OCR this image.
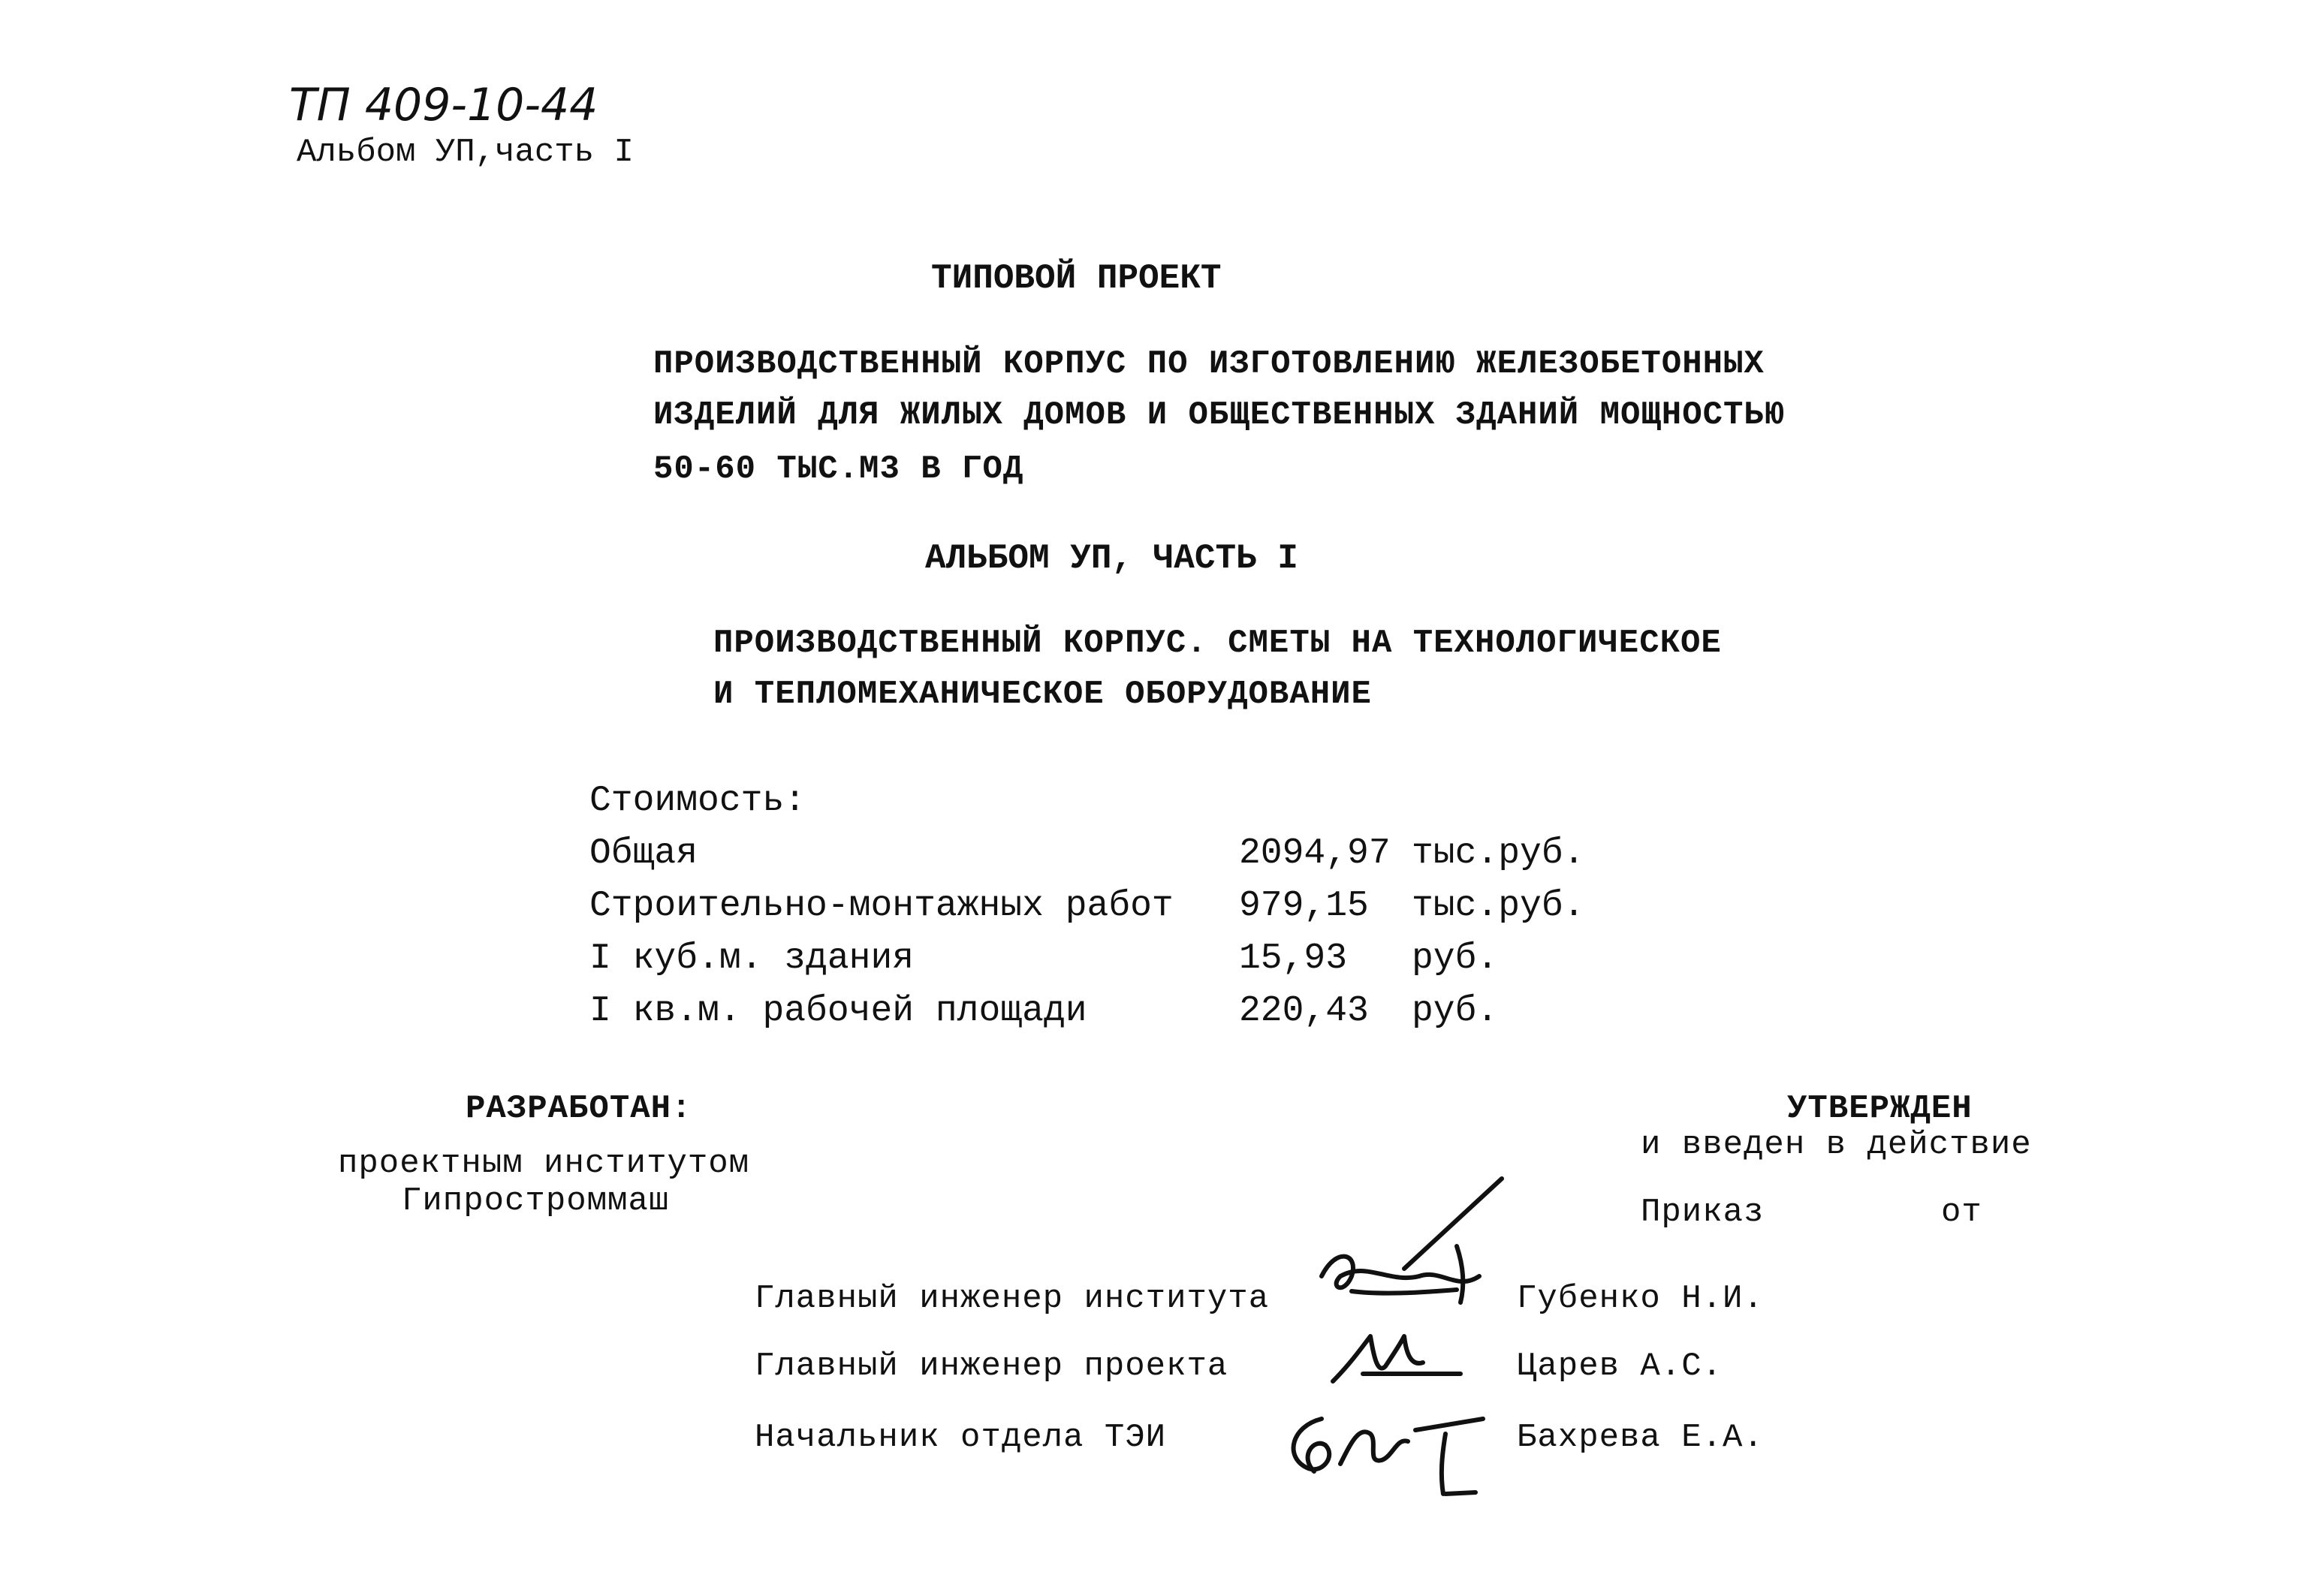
ТП 409-10-44
Альбом УП,часть I
ТИПОВОЙ ПРОЕКТ
ПРОИЗВОДСТВЕННЫЙ КОРПУС ПО ИЗГОТОВЛЕНИЮ ЖЕЛЕЗОБЕТОННЫХ
ИЗДЕЛИЙ ДЛЯ ЖИЛЫХ ДОМОВ И ОБЩЕСТВЕННЫХ ЗДАНИЙ МОЩНОСТЬЮ
50-60 ТЫС.М3 В ГОД
АЛЬБОМ УП, ЧАСТЬ I
ПРОИЗВОДСТВЕННЫЙ КОРПУС. СМЕТЫ НА ТЕХНОЛОГИЧЕСКОЕ
И ТЕПЛОМЕХАНИЧЕСКОЕ ОБОРУДОВАНИЕ
Стоимость:
Общая	2094,97 тыс.руб.
Строительно-монтажных работ 979,15 тыс.руб.
I куб.м. здания	15,93 руб.
I кв.м. рабочей площади	220,43 руб.
РАЗРАБОТАН:
проектным институтом
Гипростроммаш
УТВЕРЖДЕН
и введен в действие
Приказ	от
Главный инженер института	Губенко Н.И.
Главный инженер проекта	Царев А.С.
Начальник отдела ТЭИ	Бахрева Е.А.
